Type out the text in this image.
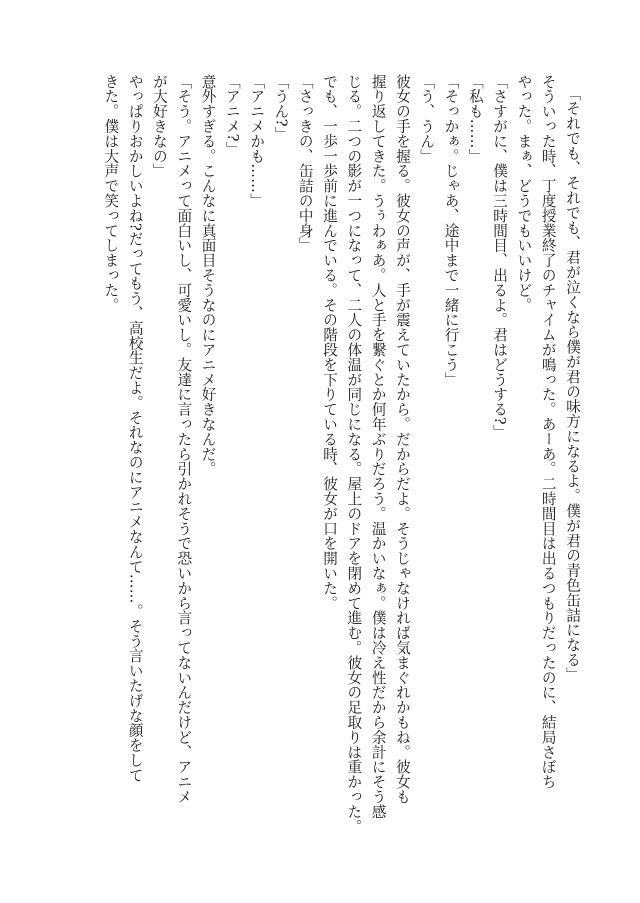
「それでも、それでも、君が泣くなら僕が君の味方になるよ。僕が君の青色缶詰になる」
そういった時、丁度授業終了のチャイムが鳴った。あーあ。二時間目は出るつもりだったのに、結局さぼち
やった。まぁ、どうでもいいけど。
「さすがに、僕は三時間目、出るよ。君はどうする?」
「私も……」
「そっかぁ。じゃあ、途中まで一緒に行こう」
「う、うん」
彼女の手を握る。彼女の声が、手が震えていたから。だからだよ。そうじゃなければ気まぐれかもね。彼女も
握り返してきた。うぅわぁあ。人と手を繋ぐとか何年ぶりだろう。温かいなぁ。僕は冷え性だから余計にそう感
じる。二つの影が一つになって、二人の体温が同じになる。屋上のドアを閉めて進む。彼女の足取りは重かった。
でも、一歩一歩前に進んでいる。その階段を下りている時、彼女が口を開いた。
「さっきの、缶詰の中身」
「うん?」
「アニメかも……」
「アニメ?」
意外すぎる。こんなに真面目そうなのにアニメ好きなんだ。
「そう。アニメって面白いし、可愛いし。友達に言ったら引かれそうで恐いから言ってないんだけど、アニメ
が大好きなの」
やっぱりおかしいよね?だってもう、高校生だよ。それなのにアニメなんて……。そう言いたげな顔をして
きた。僕は大声で笑ってしまった。
